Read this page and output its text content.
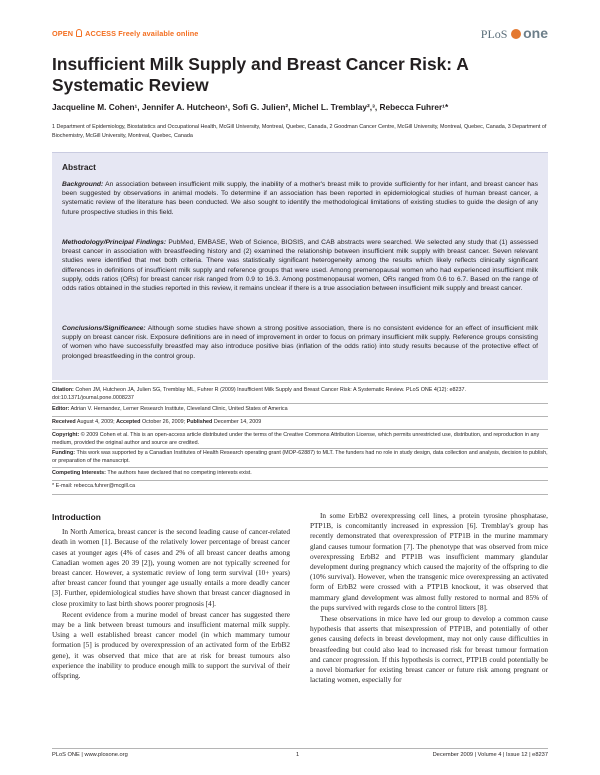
OPEN ACCESS Freely available online	PLoS one
Insufficient Milk Supply and Breast Cancer Risk: A Systematic Review
Jacqueline M. Cohen¹, Jennifer A. Hutcheon¹, Sofi G. Julien², Michel L. Tremblay²,³, Rebecca Fuhrer¹*
1 Department of Epidemiology, Biostatistics and Occupational Health, McGill University, Montreal, Quebec, Canada, 2 Goodman Cancer Centre, McGill University, Montreal, Quebec, Canada, 3 Department of Biochemistry, McGill University, Montreal, Quebec, Canada
Abstract

Background: An association between insufficient milk supply, the inability of a mother's breast milk to provide sufficiently for her infant, and breast cancer has been suggested by observations in animal models. To determine if an association has been reported in epidemiological studies of human breast cancer, a systematic review of the literature has been conducted. We also sought to identify the methodological limitations of existing studies to guide the design of any future prospective studies in this field.

Methodology/Principal Findings: PubMed, EMBASE, Web of Science, BIOSIS, and CAB abstracts were searched. We selected any study that (1) assessed breast cancer in association with breastfeeding history and (2) examined the relationship between insufficient milk supply with breast cancer. Seven relevant studies were identified that met both criteria. There was statistically significant heterogeneity among the results which likely reflects clinically significant differences in definitions of insufficient milk supply and reference groups that were used. Among premenopausal women who had experienced insufficient milk supply, odds ratios (ORs) for breast cancer risk ranged from 0.9 to 16.3. Among postmenopausal women, ORs ranged from 0.6 to 6.7. Based on the range of odds ratios obtained in the studies reported in this review, it remains unclear if there is a true association between insufficient milk supply and breast cancer.

Conclusions/Significance: Although some studies have shown a strong positive association, there is no consistent evidence for an effect of insufficient milk supply on breast cancer risk. Exposure definitions are in need of improvement in order to focus on primary insufficient milk supply. Reference groups consisting of women who have successfully breastfed may also introduce positive bias (inflation of the odds ratio) into study results because of the protective effect of prolonged breastfeeding in the control group.

Citation: Cohen JM, Hutcheon JA, Julien SG, Tremblay ML, Fuhrer R (2009) Insufficient Milk Supply and Breast Cancer Risk: A Systematic Review. PLoS ONE 4(12): e8237. doi:10.1371/journal.pone.0008237
Editor: Adrian V. Hernandez, Lerner Research Institute, Cleveland Clinic, United States of America
Received August 4, 2009; Accepted October 26, 2009; Published December 14, 2009
Copyright: © 2009 Cohen et al. This is an open-access article distributed under the terms of the Creative Commons Attribution License, which permits unrestricted use, distribution, and reproduction in any medium, provided the original author and source are credited.
Funding: This work was supported by a Canadian Institutes of Health Research operating grant (MOP-62887) to MLT. The funders had no role in study design, data collection and analysis, decision to publish, or preparation of the manuscript.
Competing Interests: The authors have declared that no competing interests exist.
* E-mail: rebecca.fuhrer@mcgill.ca
Introduction

In North America, breast cancer is the second leading cause of cancer-related death in women [1]. Because of the relatively lower percentage of breast cancer cases at younger ages (4% of cases and 2% of all breast cancer deaths among Canadian women ages 20 39 [2]), young women are not typically screened for breast cancer. However, a systematic review of long term survival (10+ years) after breast cancer found that younger age usually entails a more deadly cancer [3]. Further, epidemiological studies have shown that breast cancer diagnosed in close proximity to last birth shows poorer prognosis [4].

Recent evidence from a murine model of breast cancer has suggested there may be a link between breast tumours and insufficient maternal milk supply. Using a well established breast cancer model (in which mammary tumour formation [5] is produced by overexpression of an activated form of the ErbB2 gene), it was observed that mice that are at risk for breast tumours also experience the inability to produce enough milk to support the survival of their offspring.

In some ErbB2 overexpressing cell lines, a protein tyrosine phosphatase, PTP1B, is concomitantly increased in expression [6]. Tremblay's group has recently demonstrated that overexpression of PTP1B in the murine mammary gland causes tumour formation [7]. The phenotype that was observed from mice overexpressing ErbB2 and PTP1B was insufficient mammary glandular development during pregnancy which caused the majority of the offspring to die (10% survival). However, when the transgenic mice overexpressing an activated form of ErbB2 were crossed with a PTP1B knockout, it was observed that mammary gland development was almost fully restored to normal and 85% of the pups survived with regards close to the control litters [8].

These observations in mice have led our group to develop a common cause hypothesis that asserts that misexpression of PTP1B, and potentially of other genes causing defects in breast development, may not only cause difficulties in breastfeeding but could also lead to increased risk for breast tumour formation and cancer progression. If this hypothesis is correct, PTP1B could potentially be a novel biomarker for existing breast cancer or future risk among pregnant or lactating women, especially for

PLoS ONE | www.plosone.org	1	December 2009 | Volume 4 | Issue 12 | e8237
